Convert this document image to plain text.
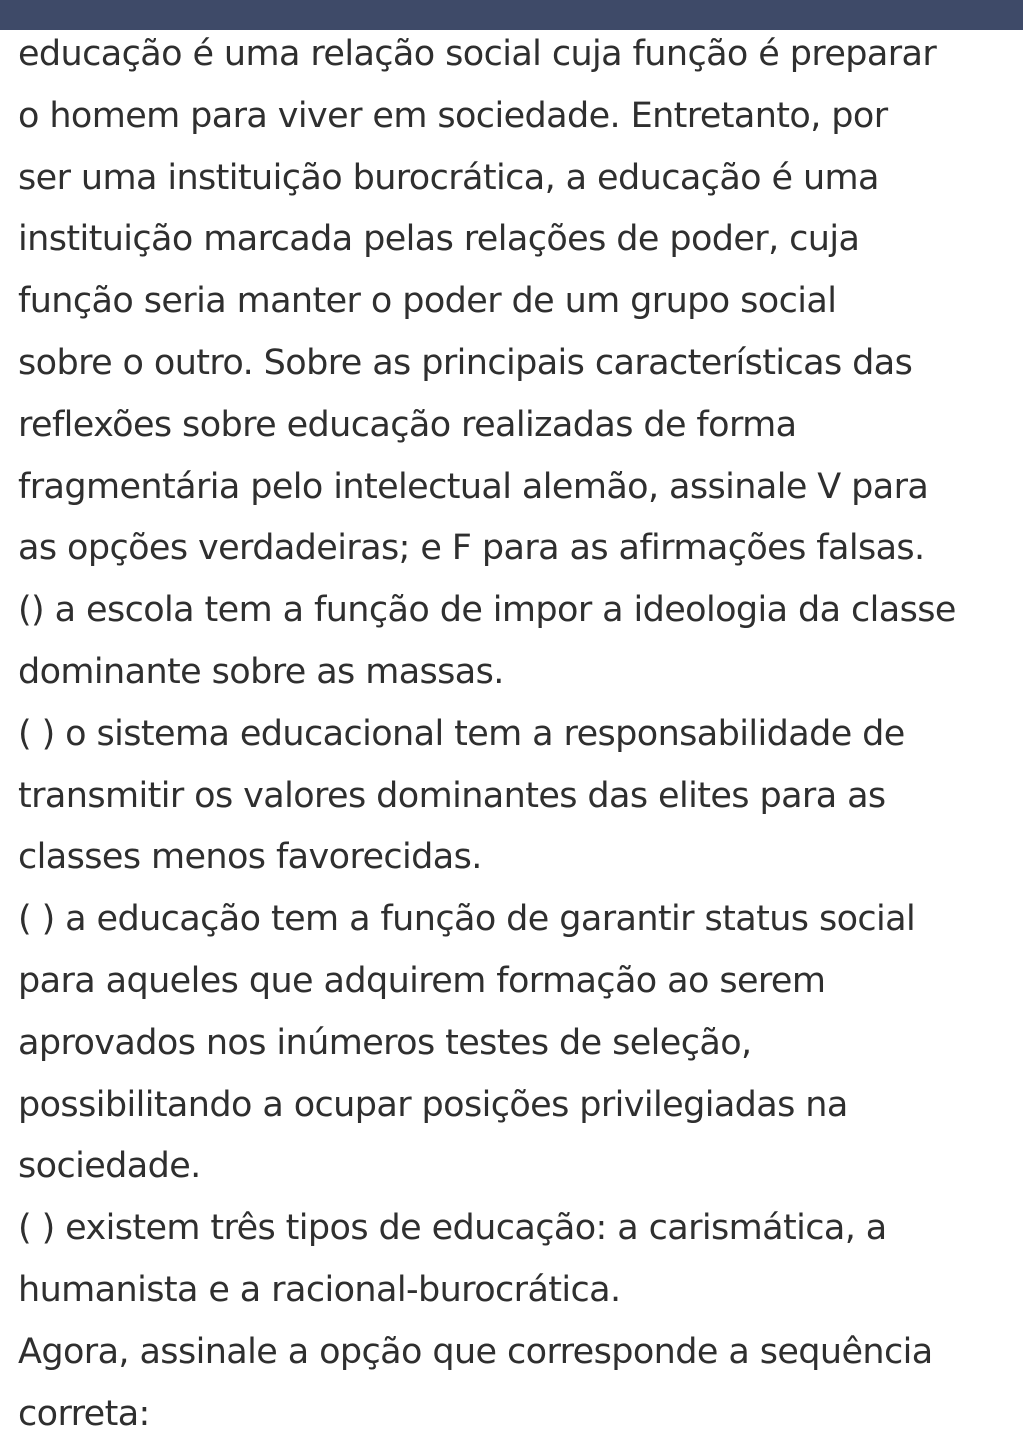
educação é uma relação social cuja função é preparar
o homem para viver em sociedade. Entretanto, por
ser uma instituição burocrática, a educação é uma
instituição marcada pelas relações de poder, cuja
função seria manter o poder de um grupo social
sobre o outro. Sobre as principais características das
reflexões sobre educação realizadas de forma
fragmentária pelo intelectual alemão, assinale V para
as opções verdadeiras; e F para as afirmações falsas.
() a escola tem a função de impor a ideologia da classe
dominante sobre as massas.
( ) o sistema educacional tem a responsabilidade de
transmitir os valores dominantes das elites para as
classes menos favorecidas.
( ) a educação tem a função de garantir status social
para aqueles que adquirem formação ao serem
aprovados nos inúmeros testes de seleção,
possibilitando a ocupar posições privilegiadas na
sociedade.
( ) existem três tipos de educação: a carismática, a
humanista e a racional-burocrática.
Agora, assinale a opção que corresponde a sequência
correta:
